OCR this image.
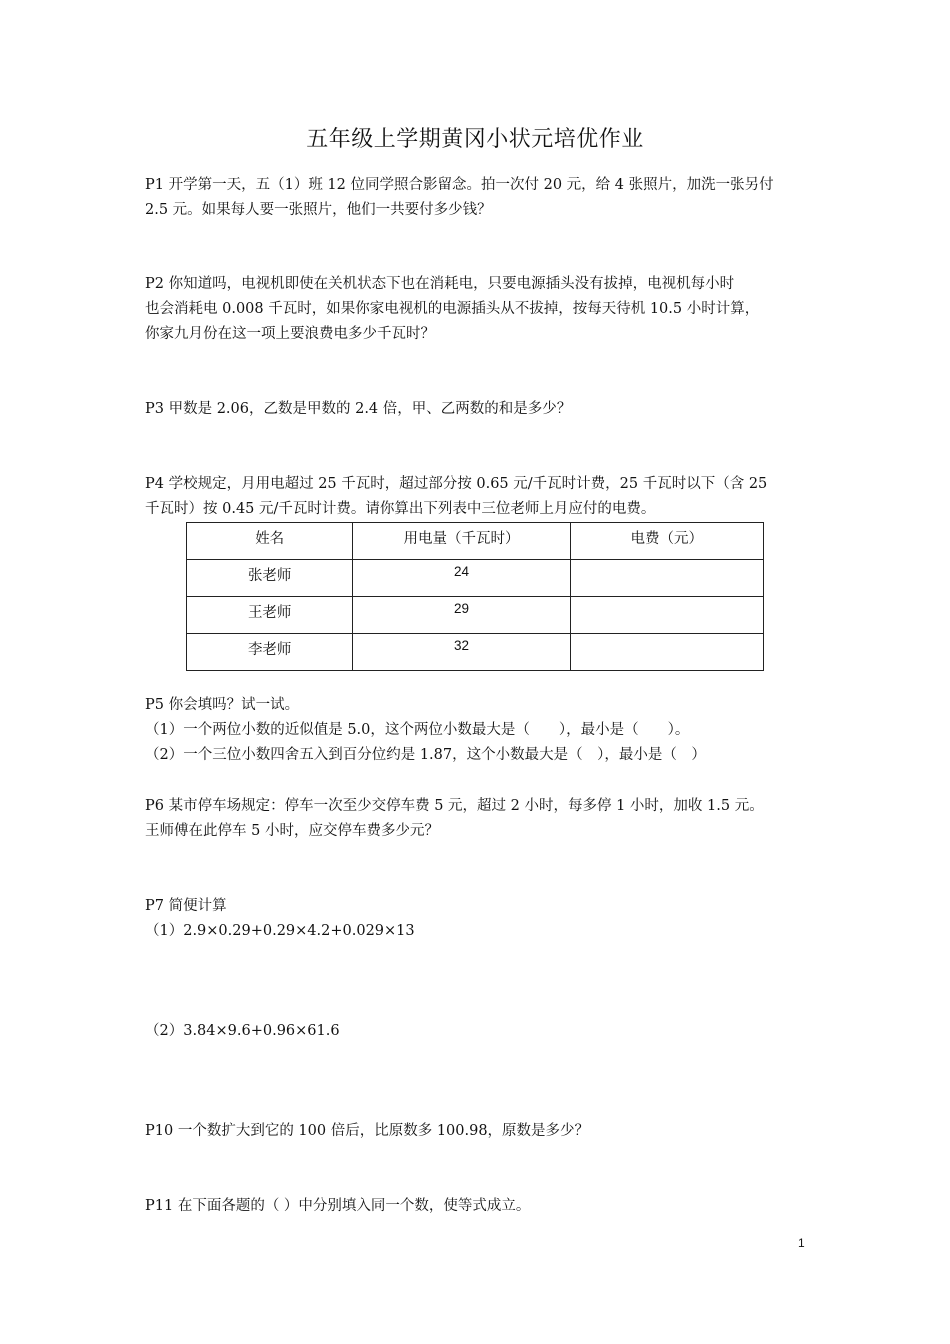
五年级上学期黄冈小状元培优作业
P1 开学第一天，五（1）班 12 位同学照合影留念。拍一次付 20 元，给 4 张照片，加洗一张另付
2.5 元。如果每人要一张照片，他们一共要付多少钱？
P2 你知道吗，电视机即使在关机状态下也在消耗电，只要电源插头没有拔掉，电视机每小时
也会消耗电 0.008 千瓦时，如果你家电视机的电源插头从不拔掉，按每天待机 10.5 小时计算，
你家九月份在这一项上要浪费电多少千瓦时？
P3 甲数是 2.06，乙数是甲数的 2.4 倍，甲、乙两数的和是多少？
P4 学校规定，月用电超过 25 千瓦时，超过部分按 0.65 元/千瓦时计费，25 千瓦时以下（含 25
千瓦时）按 0.45 元/千瓦时计费。请你算出下列表中三位老师上月应付的电费。
姓名	用电量（千瓦时）	电费（元）
张老师	24	
王老师	29	
李老师	32	
P5 你会填吗？试一试。
（1）一个两位小数的近似值是 5.0，这个两位小数最大是（　　），最小是（　　）。
（2）一个三位小数四舍五入到百分位约是 1.87，这个小数最大是（　），最小是（　）
P6 某市停车场规定：停车一次至少交停车费 5 元，超过 2 小时，每多停 1 小时，加收 1.5 元。
王师傅在此停车 5 小时，应交停车费多少元？
P7 简便计算
（1）2.9×0.29+0.29×4.2+0.029×13
（2）3.84×9.6+0.96×61.6
P10 一个数扩大到它的 100 倍后，比原数多 100.98，原数是多少？
P11 在下面各题的（ ）中分别填入同一个数，使等式成立。
1
